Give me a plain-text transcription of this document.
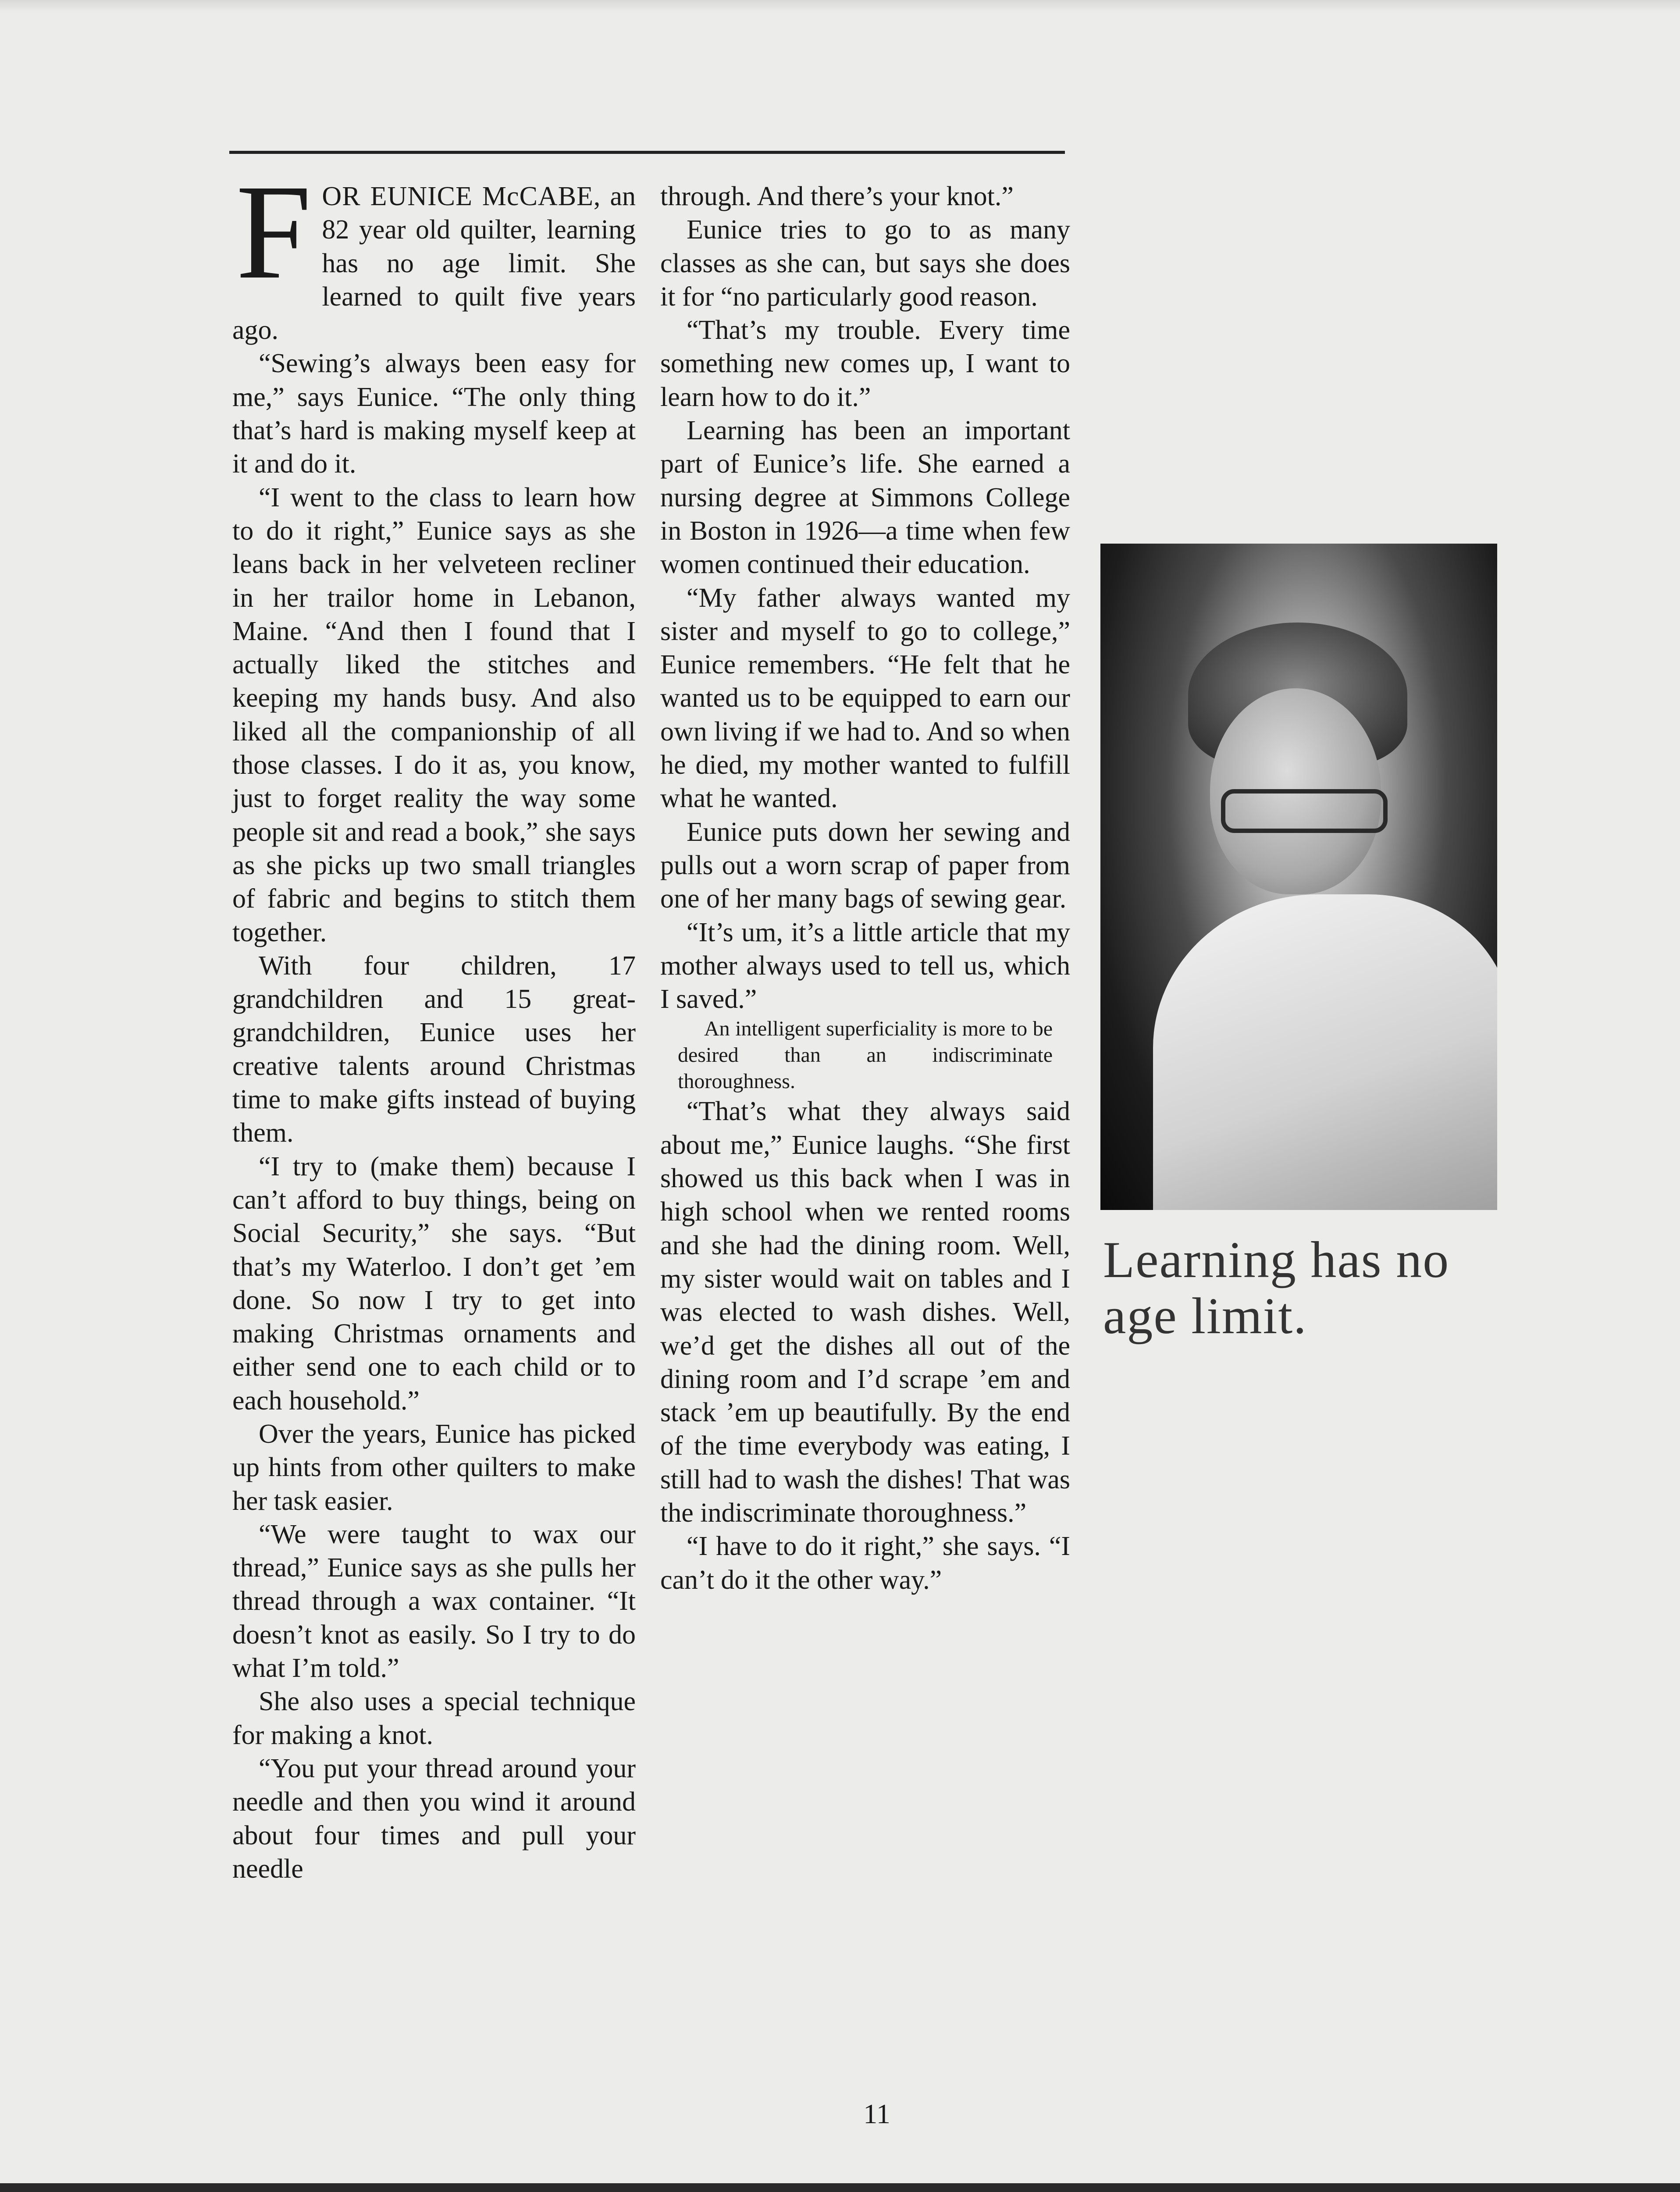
FOR EUNICE McCABE, an 82 year old quilter, learning has no age limit. She learned to quilt five years ago.

“Sewing’s always been easy for me,” says Eunice. “The only thing that’s hard is making myself keep at it and do it.

“I went to the class to learn how to do it right,” Eunice says as she leans back in her velveteen recliner in her trailor home in Lebanon, Maine. “And then I found that I actually liked the stitches and keeping my hands busy. And also liked all the companionship of all those classes. I do it as, you know, just to forget reality the way some people sit and read a book,” she says as she picks up two small triangles of fabric and begins to stitch them together.

With four children, 17 grandchildren and 15 great-grandchildren, Eunice uses her creative talents around Christmas time to make gifts instead of buying them.

“I try to (make them) because I can’t afford to buy things, being on Social Security,” she says. “But that’s my Waterloo. I don’t get ’em done. So now I try to get into making Christmas ornaments and either send one to each child or to each household.”

Over the years, Eunice has picked up hints from other quilters to make her task easier.

“We were taught to wax our thread,” Eunice says as she pulls her thread through a wax container. “It doesn’t knot as easily. So I try to do what I’m told.”

She also uses a special technique for making a knot.

“You put your thread around your needle and then you wind it around about four times and pull your needle

through. And there’s your knot.”

Eunice tries to go to as many classes as she can, but says she does it for “no particularly good reason.

“That’s my trouble. Every time something new comes up, I want to learn how to do it.”

Learning has been an important part of Eunice’s life. She earned a nursing degree at Simmons College in Boston in 1926—a time when few women continued their education.

“My father always wanted my sister and myself to go to college,” Eunice remembers. “He felt that he wanted us to be equipped to earn our own living if we had to. And so when he died, my mother wanted to fulfill what he wanted.

Eunice puts down her sewing and pulls out a worn scrap of paper from one of her many bags of sewing gear.

“It’s um, it’s a little article that my mother always used to tell us, which I saved.”

An intelligent superficiality is more to be desired than an indiscriminate thoroughness.

“That’s what they always said about me,” Eunice laughs. “She first showed us this back when I was in high school when we rented rooms and she had the dining room. Well, my sister would wait on tables and I was elected to wash dishes. Well, we’d get the dishes all out of the dining room and I’d scrape ’em and stack ’em up beautifully. By the end of the time everybody was eating, I still had to wash the dishes! That was the indiscriminate thoroughness.”

“I have to do it right,” she says. “I can’t do it the other way.”

Learning has no age limit.
11
